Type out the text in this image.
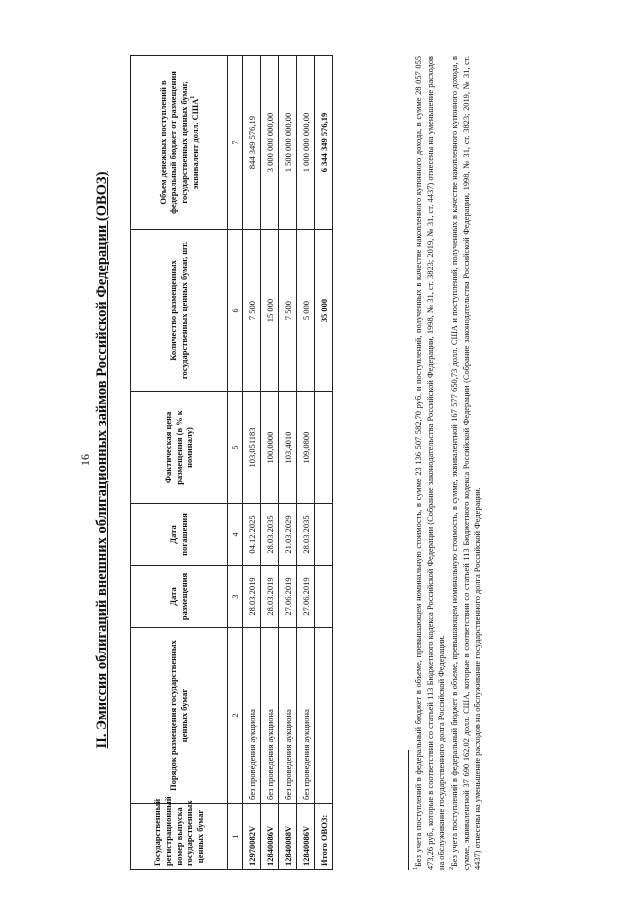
16 II. Эмиссия облигаций внешних облигационных займов Российской Федерации (ОВОЗ)
Государственный регистрационный номер выпуска государственных ценных бумаг	Порядок размещения государственных ценных бумаг	Дата размещения	Дата погашения	Фактическая цена размещения (в % к номиналу)	Количество размещенных государственных ценных бумаг, шт.	Объем денежных поступлений в федеральный бюджет от размещения государственных ценных бумаг, эквивалент долл. США$^1$
1	2	3	4	5	6	7
12970082V	без проведения аукциона	28.03.2019	04.12.2025	103,051183	7 500	844 349 576,19
12840086V	без проведения аукциона	28.03.2019	28.03.2035	100,0000	15 000	3 000 000 000,00
12840088V	без проведения аукциона	27.06.2019	21.03.2029	103,4010	7 500	1 500 000 000,00
12840086V	без проведения аукциона	27.06.2019	28.03.2035	109,0800	5 000	1 000 000 000,00
Итого ОВОЗ:					35 000	6 344 349 576,19

$^1$Без учета поступлений в федеральный бюджет в объеме, превышающем номинальную стоимость, в сумме 23 136 507 582,70 руб. и поступлений, полученных в качестве накопленного купонного дохода, в сумме 28 057 055 473,26 руб., которые в соответствии со статьей 113 Бюджетного кодекса Российской Федерации (Собрание законодательства Российской Федерации, 1998, № 31, ст. 3823; 2019, № 31, ст. 4437) отнесены на уменьшение расходов на обслуживание государственного долга Российской Федерации. $^2$Без учета поступлений в федеральный бюджет в объеме, превышающем номинальную стоимость, в сумме, эквивалентной 167 577 650,73 долл. США и поступлений, полученных в качестве накопленного купонного дохода, в сумме, эквивалентной 37 690 162,02 долл. США, которые в соответствии со статьей 113 Бюджетного кодекса Российской Федерации (Собрание законодательства Российской Федерации, 1998, № 31, ст. 3823; 2019, № 31, ст. 4437) отнесены на уменьшение расходов на обслуживание государственного долга Российской Федерации.
